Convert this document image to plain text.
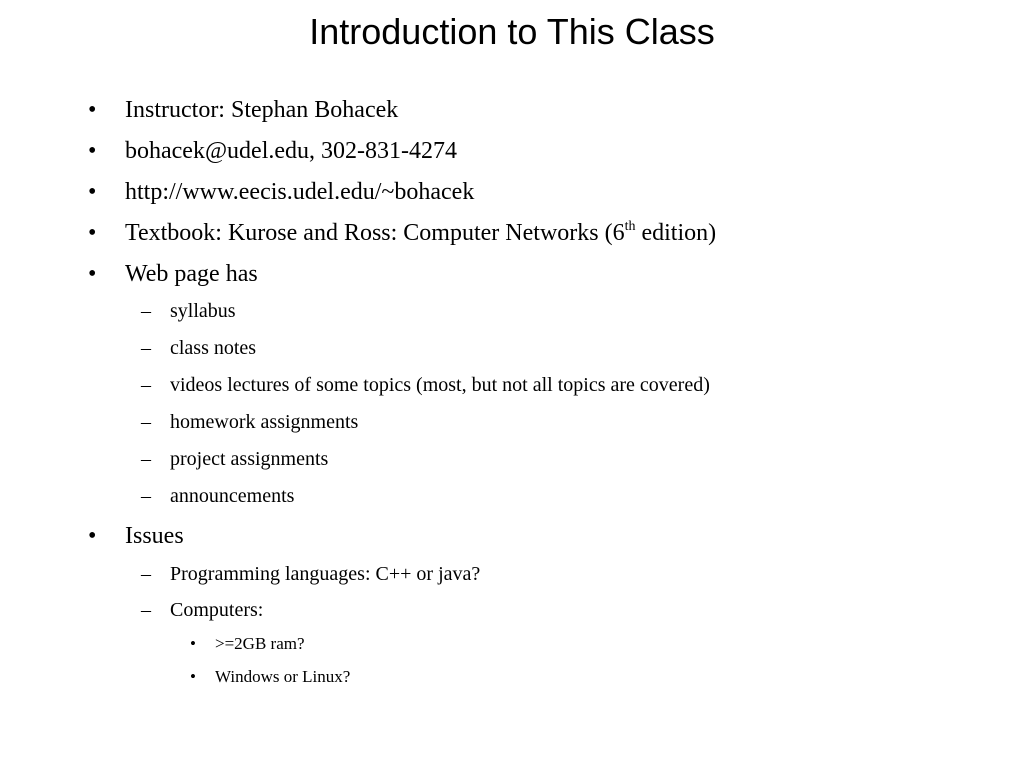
Introduction to This Class
• Instructor: Stephan Bohacek
• bohacek@udel.edu, 302-831-4274
• http://www.eecis.udel.edu/~bohacek
• Textbook: Kurose and Ross: Computer Networks (6th edition)
• Web page has
– syllabus
– class notes
– videos lectures of some topics (most, but not all topics are covered)
– homework assignments
– project assignments
– announcements
• Issues
– Programming languages: C++ or java?
– Computers:
• >=2GB ram?
• Windows or Linux?
